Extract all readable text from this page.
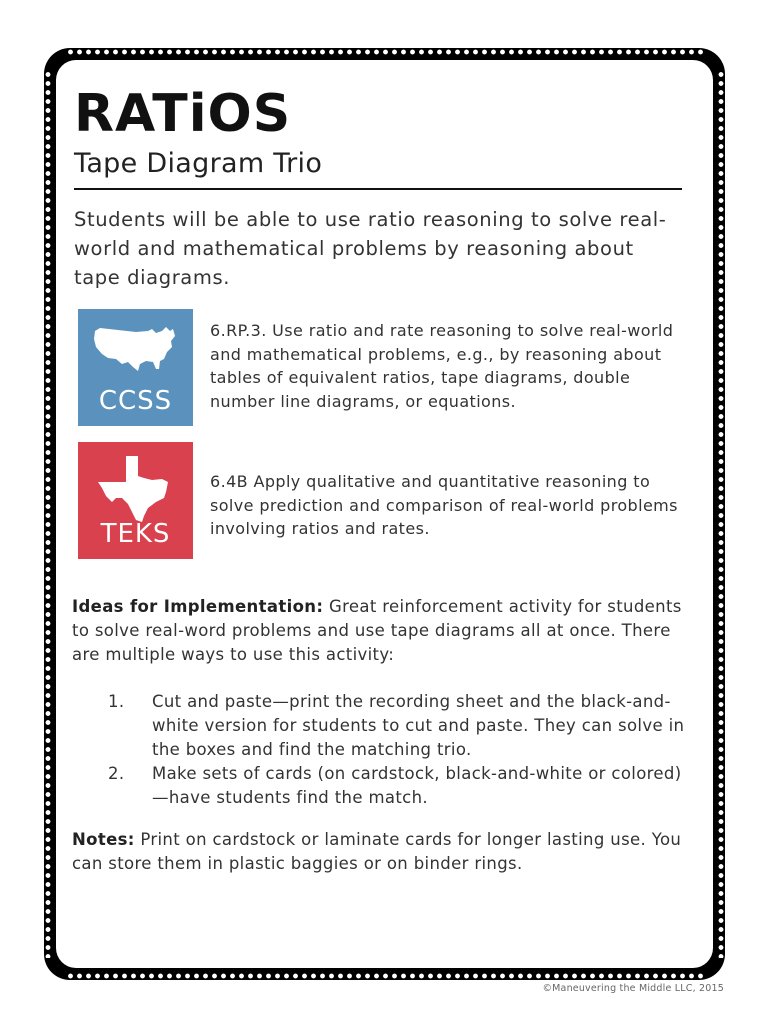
RATiOS
Tape Diagram Trio

Students will be able to use ratio reasoning to solve real-world and mathematical problems by reasoning about tape diagrams.

CCSS

6.RP.3. Use ratio and rate reasoning to solve real-world and mathematical problems, e.g., by reasoning about tables of equivalent ratios, tape diagrams, double number line diagrams, or equations.

TEKS

6.4B Apply qualitative and quantitative reasoning to solve prediction and comparison of real-world problems involving ratios and rates.

Ideas for Implementation: Great reinforcement activity for students to solve real-word problems and use tape diagrams all at once. There are multiple ways to use this activity:

1. Cut and paste—print the recording sheet and the black-and-white version for students to cut and paste. They can solve in the boxes and find the matching trio.
2. Make sets of cards (on cardstock, black-and-white or colored)—have students find the match.

Notes: Print on cardstock or laminate cards for longer lasting use. You can store them in plastic baggies or on binder rings.

©Maneuvering the Middle LLC, 2015
